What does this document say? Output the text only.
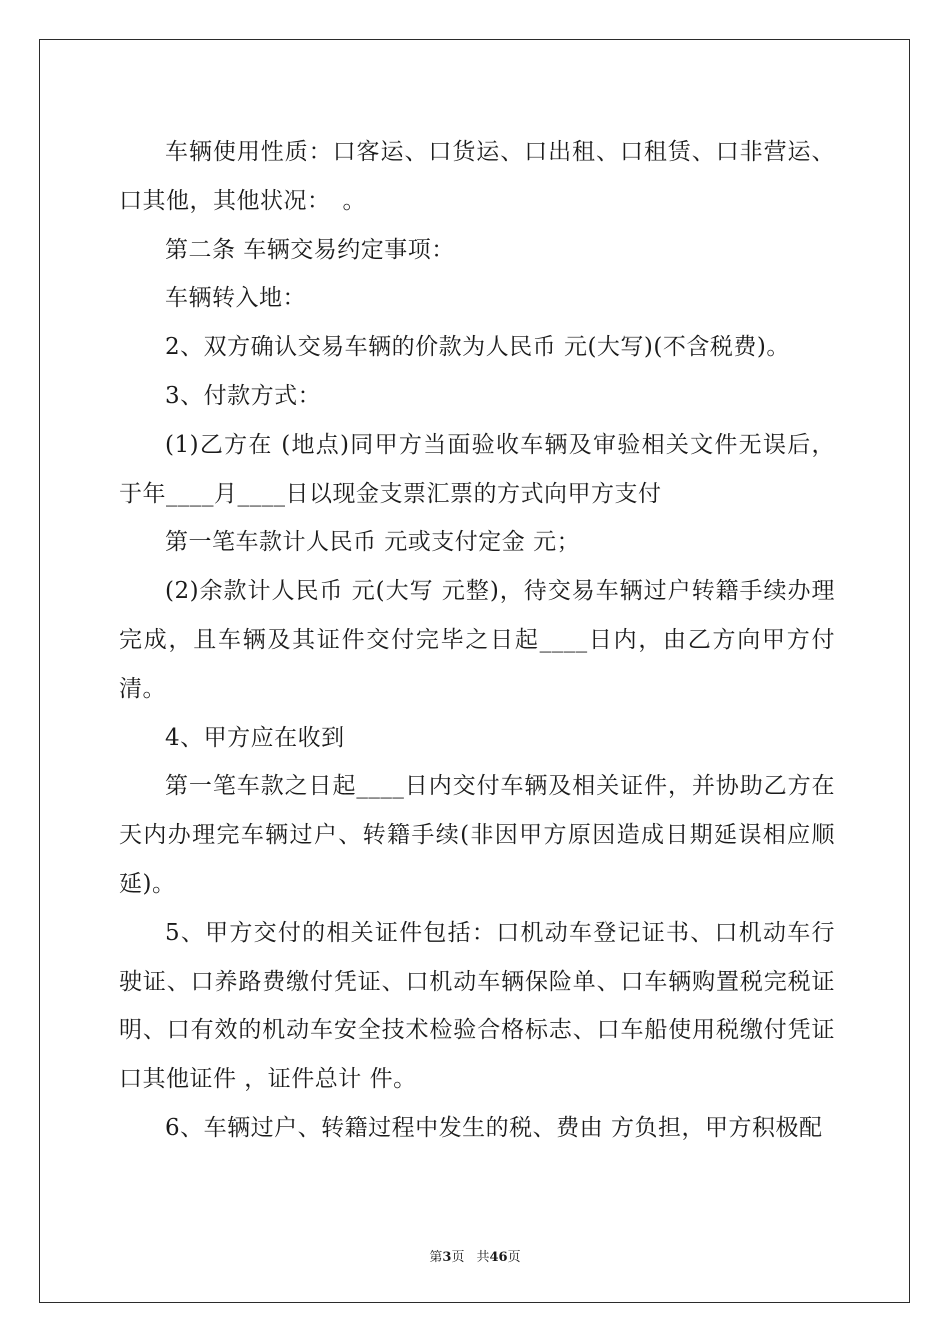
车辆使用性质：口客运、口货运、口出租、口租赁、口非营运、口其他，其他状况：　。

第二条 车辆交易约定事项：

车辆转入地：

2、双方确认交易车辆的价款为人民币 元(大写)(不含税费)。

3、付款方式：

(1)乙方在 (地点)同甲方当面验收车辆及审验相关文件无误后，于年____月____日以现金支票汇票的方式向甲方支付

第一笔车款计人民币 元或支付定金 元；

(2)余款计人民币 元(大写 元整)，待交易车辆过户转籍手续办理完成，且车辆及其证件交付完毕之日起____日内，由乙方向甲方付清。

4、甲方应在收到

第一笔车款之日起____日内交付车辆及相关证件，并协助乙方在天内办理完车辆过户、转籍手续(非因甲方原因造成日期延误相应顺延)。

5、甲方交付的相关证件包括：口机动车登记证书、口机动车行驶证、口养路费缴付凭证、口机动车辆保险单、口车辆购置税完税证明、口有效的机动车安全技术检验合格标志、口车船使用税缴付凭证口其他证件 ，证件总计 件。

6、车辆过户、转籍过程中发生的税、费由 方负担，甲方积极配

第3页 共46页
